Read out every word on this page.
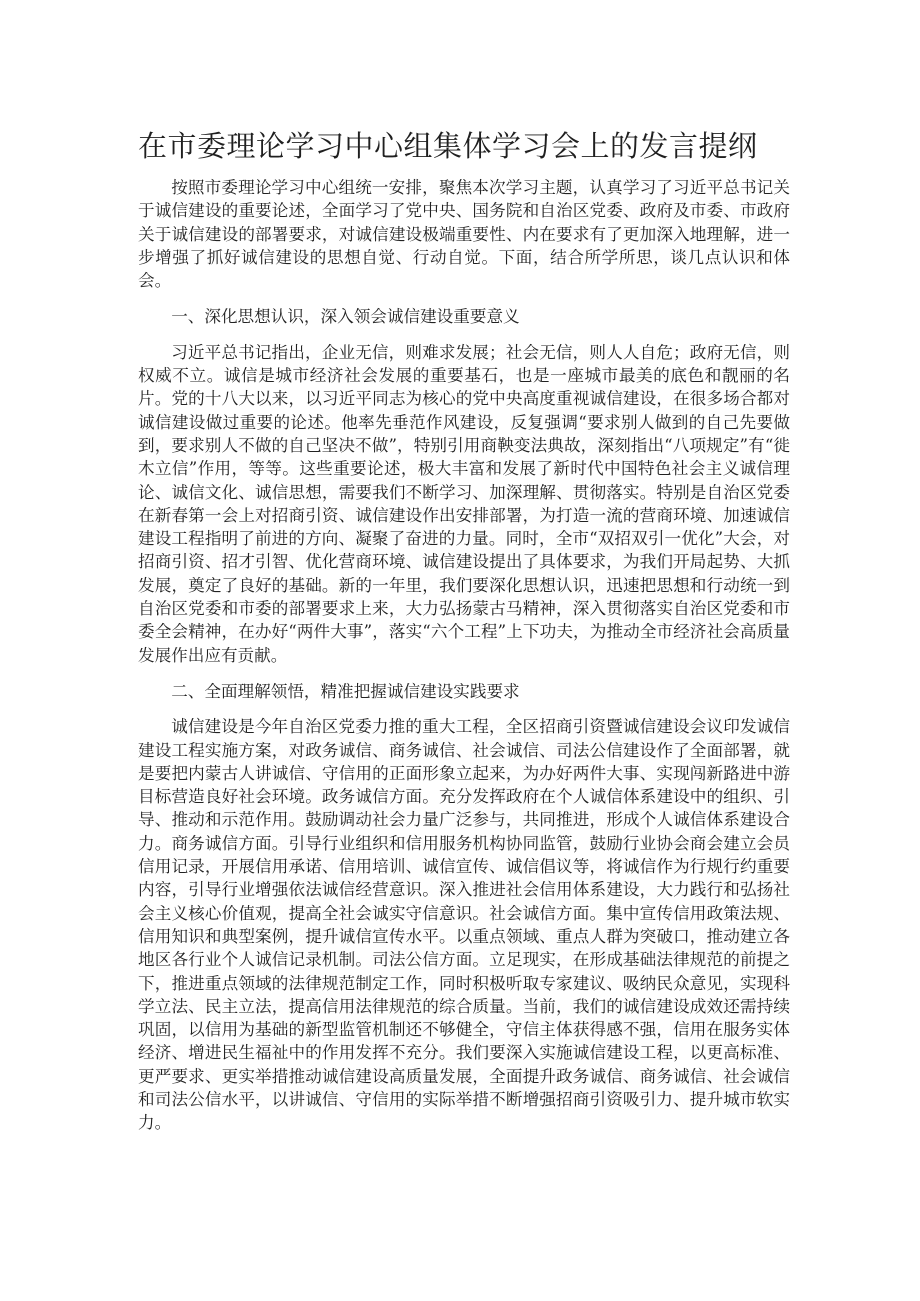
在市委理论学习中心组集体学习会上的发言提纲

按照市委理论学习中心组统一安排，聚焦本次学习主题，认真学习了习近平总书记关于诚信建设的重要论述，全面学习了党中央、国务院和自治区党委、政府及市委、市政府关于诚信建设的部署要求，对诚信建设极端重要性、内在要求有了更加深入地理解，进一步增强了抓好诚信建设的思想自觉、行动自觉。下面，结合所学所思，谈几点认识和体会。

一、深化思想认识，深入领会诚信建设重要意义

习近平总书记指出，企业无信，则难求发展；社会无信，则人人自危；政府无信，则权威不立。诚信是城市经济社会发展的重要基石，也是一座城市最美的底色和靓丽的名片。党的十八大以来，以习近平同志为核心的党中央高度重视诚信建设，在很多场合都对诚信建设做过重要的论述。他率先垂范作风建设，反复强调“要求别人做到的自己先要做到，要求别人不做的自己坚决不做”，特别引用商鞅变法典故，深刻指出“八项规定”有“徙木立信”作用，等等。这些重要论述，极大丰富和发展了新时代中国特色社会主义诚信理论、诚信文化、诚信思想，需要我们不断学习、加深理解、贯彻落实。特别是自治区党委在新春第一会上对招商引资、诚信建设作出安排部署，为打造一流的营商环境、加速诚信建设工程指明了前进的方向、凝聚了奋进的力量。同时，全市“双招双引一优化”大会，对招商引资、招才引智、优化营商环境、诚信建设提出了具体要求，为我们开局起势、大抓发展，奠定了良好的基础。新的一年里，我们要深化思想认识，迅速把思想和行动统一到自治区党委和市委的部署要求上来，大力弘扬蒙古马精神，深入贯彻落实自治区党委和市委全会精神，在办好“两件大事”，落实“六个工程”上下功夫，为推动全市经济社会高质量发展作出应有贡献。

二、全面理解领悟，精准把握诚信建设实践要求

诚信建设是今年自治区党委力推的重大工程，全区招商引资暨诚信建设会议印发诚信建设工程实施方案，对政务诚信、商务诚信、社会诚信、司法公信建设作了全面部署，就是要把内蒙古人讲诚信、守信用的正面形象立起来，为办好两件大事、实现闯新路进中游目标营造良好社会环境。政务诚信方面。充分发挥政府在个人诚信体系建设中的组织、引导、推动和示范作用。鼓励调动社会力量广泛参与，共同推进，形成个人诚信体系建设合力。商务诚信方面。引导行业组织和信用服务机构协同监管，鼓励行业协会商会建立会员信用记录，开展信用承诺、信用培训、诚信宣传、诚信倡议等，将诚信作为行规行约重要内容，引导行业增强依法诚信经营意识。深入推进社会信用体系建设，大力践行和弘扬社会主义核心价值观，提高全社会诚实守信意识。社会诚信方面。集中宣传信用政策法规、信用知识和典型案例，提升诚信宣传水平。以重点领域、重点人群为突破口，推动建立各地区各行业个人诚信记录机制。司法公信方面。立足现实，在形成基础法律规范的前提之下，推进重点领域的法律规范制定工作，同时积极听取专家建议、吸纳民众意见，实现科学立法、民主立法，提高信用法律规范的综合质量。当前，我们的诚信建设成效还需持续巩固，以信用为基础的新型监管机制还不够健全，守信主体获得感不强，信用在服务实体经济、增进民生福祉中的作用发挥不充分。我们要深入实施诚信建设工程，以更高标准、更严要求、更实举措推动诚信建设高质量发展，全面提升政务诚信、商务诚信、社会诚信和司法公信水平，以讲诚信、守信用的实际举措不断增强招商引资吸引力、提升城市软实力。
